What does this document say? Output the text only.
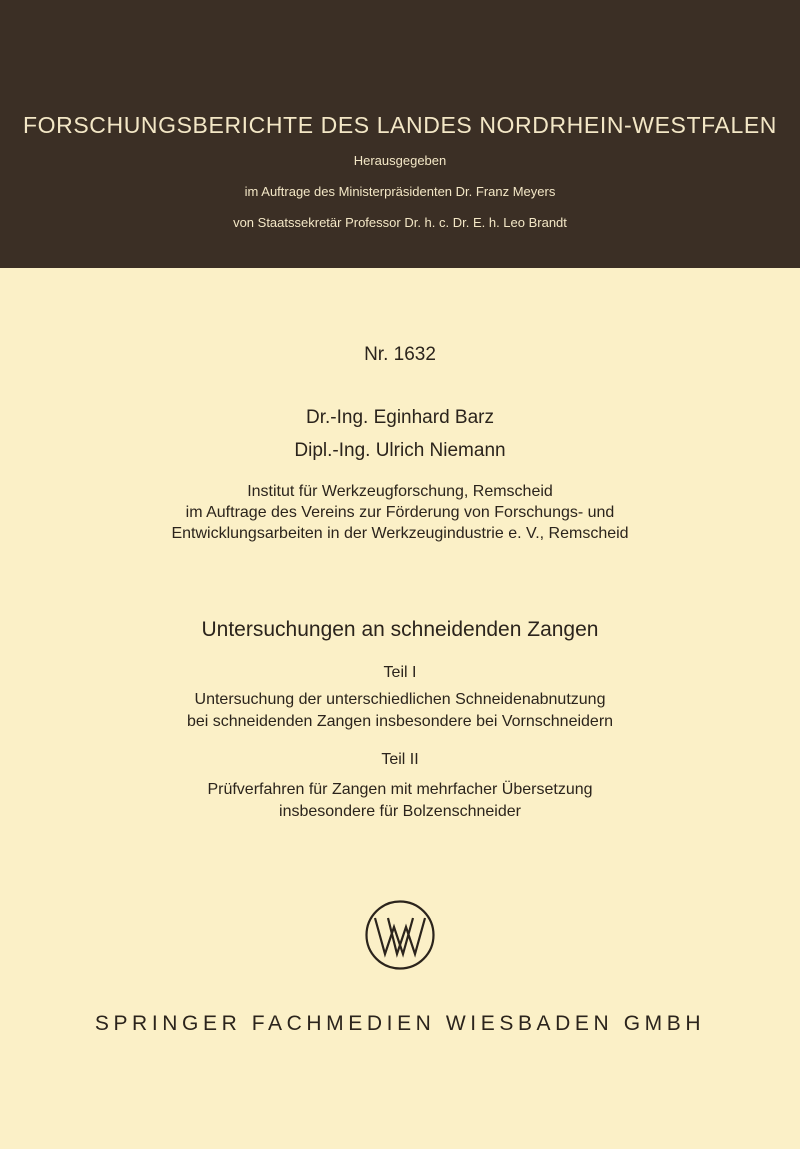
FORSCHUNGSBERICHTE DES LANDES NORDRHEIN-WESTFALEN
Herausgegeben
im Auftrage des Ministerpräsidenten Dr. Franz Meyers
von Staatssekretär Professor Dr. h. c. Dr. E. h. Leo Brandt
Nr. 1632
Dr.-Ing. Eginhard Barz
Dipl.-Ing. Ulrich Niemann
Institut für Werkzeugforschung, Remscheid
im Auftrage des Vereins zur Förderung von Forschungs- und
Entwicklungsarbeiten in der Werkzeugindustrie e. V., Remscheid
Untersuchungen an schneidenden Zangen
Teil I
Untersuchung der unterschiedlichen Schneidenabnutzung
bei schneidenden Zangen insbesondere bei Vornschneidern
Teil II
Prüfverfahren für Zangen mit mehrfacher Übersetzung
insbesondere für Bolzenschneider
SPRINGER FACHMEDIEN WIESBADEN GMBH
